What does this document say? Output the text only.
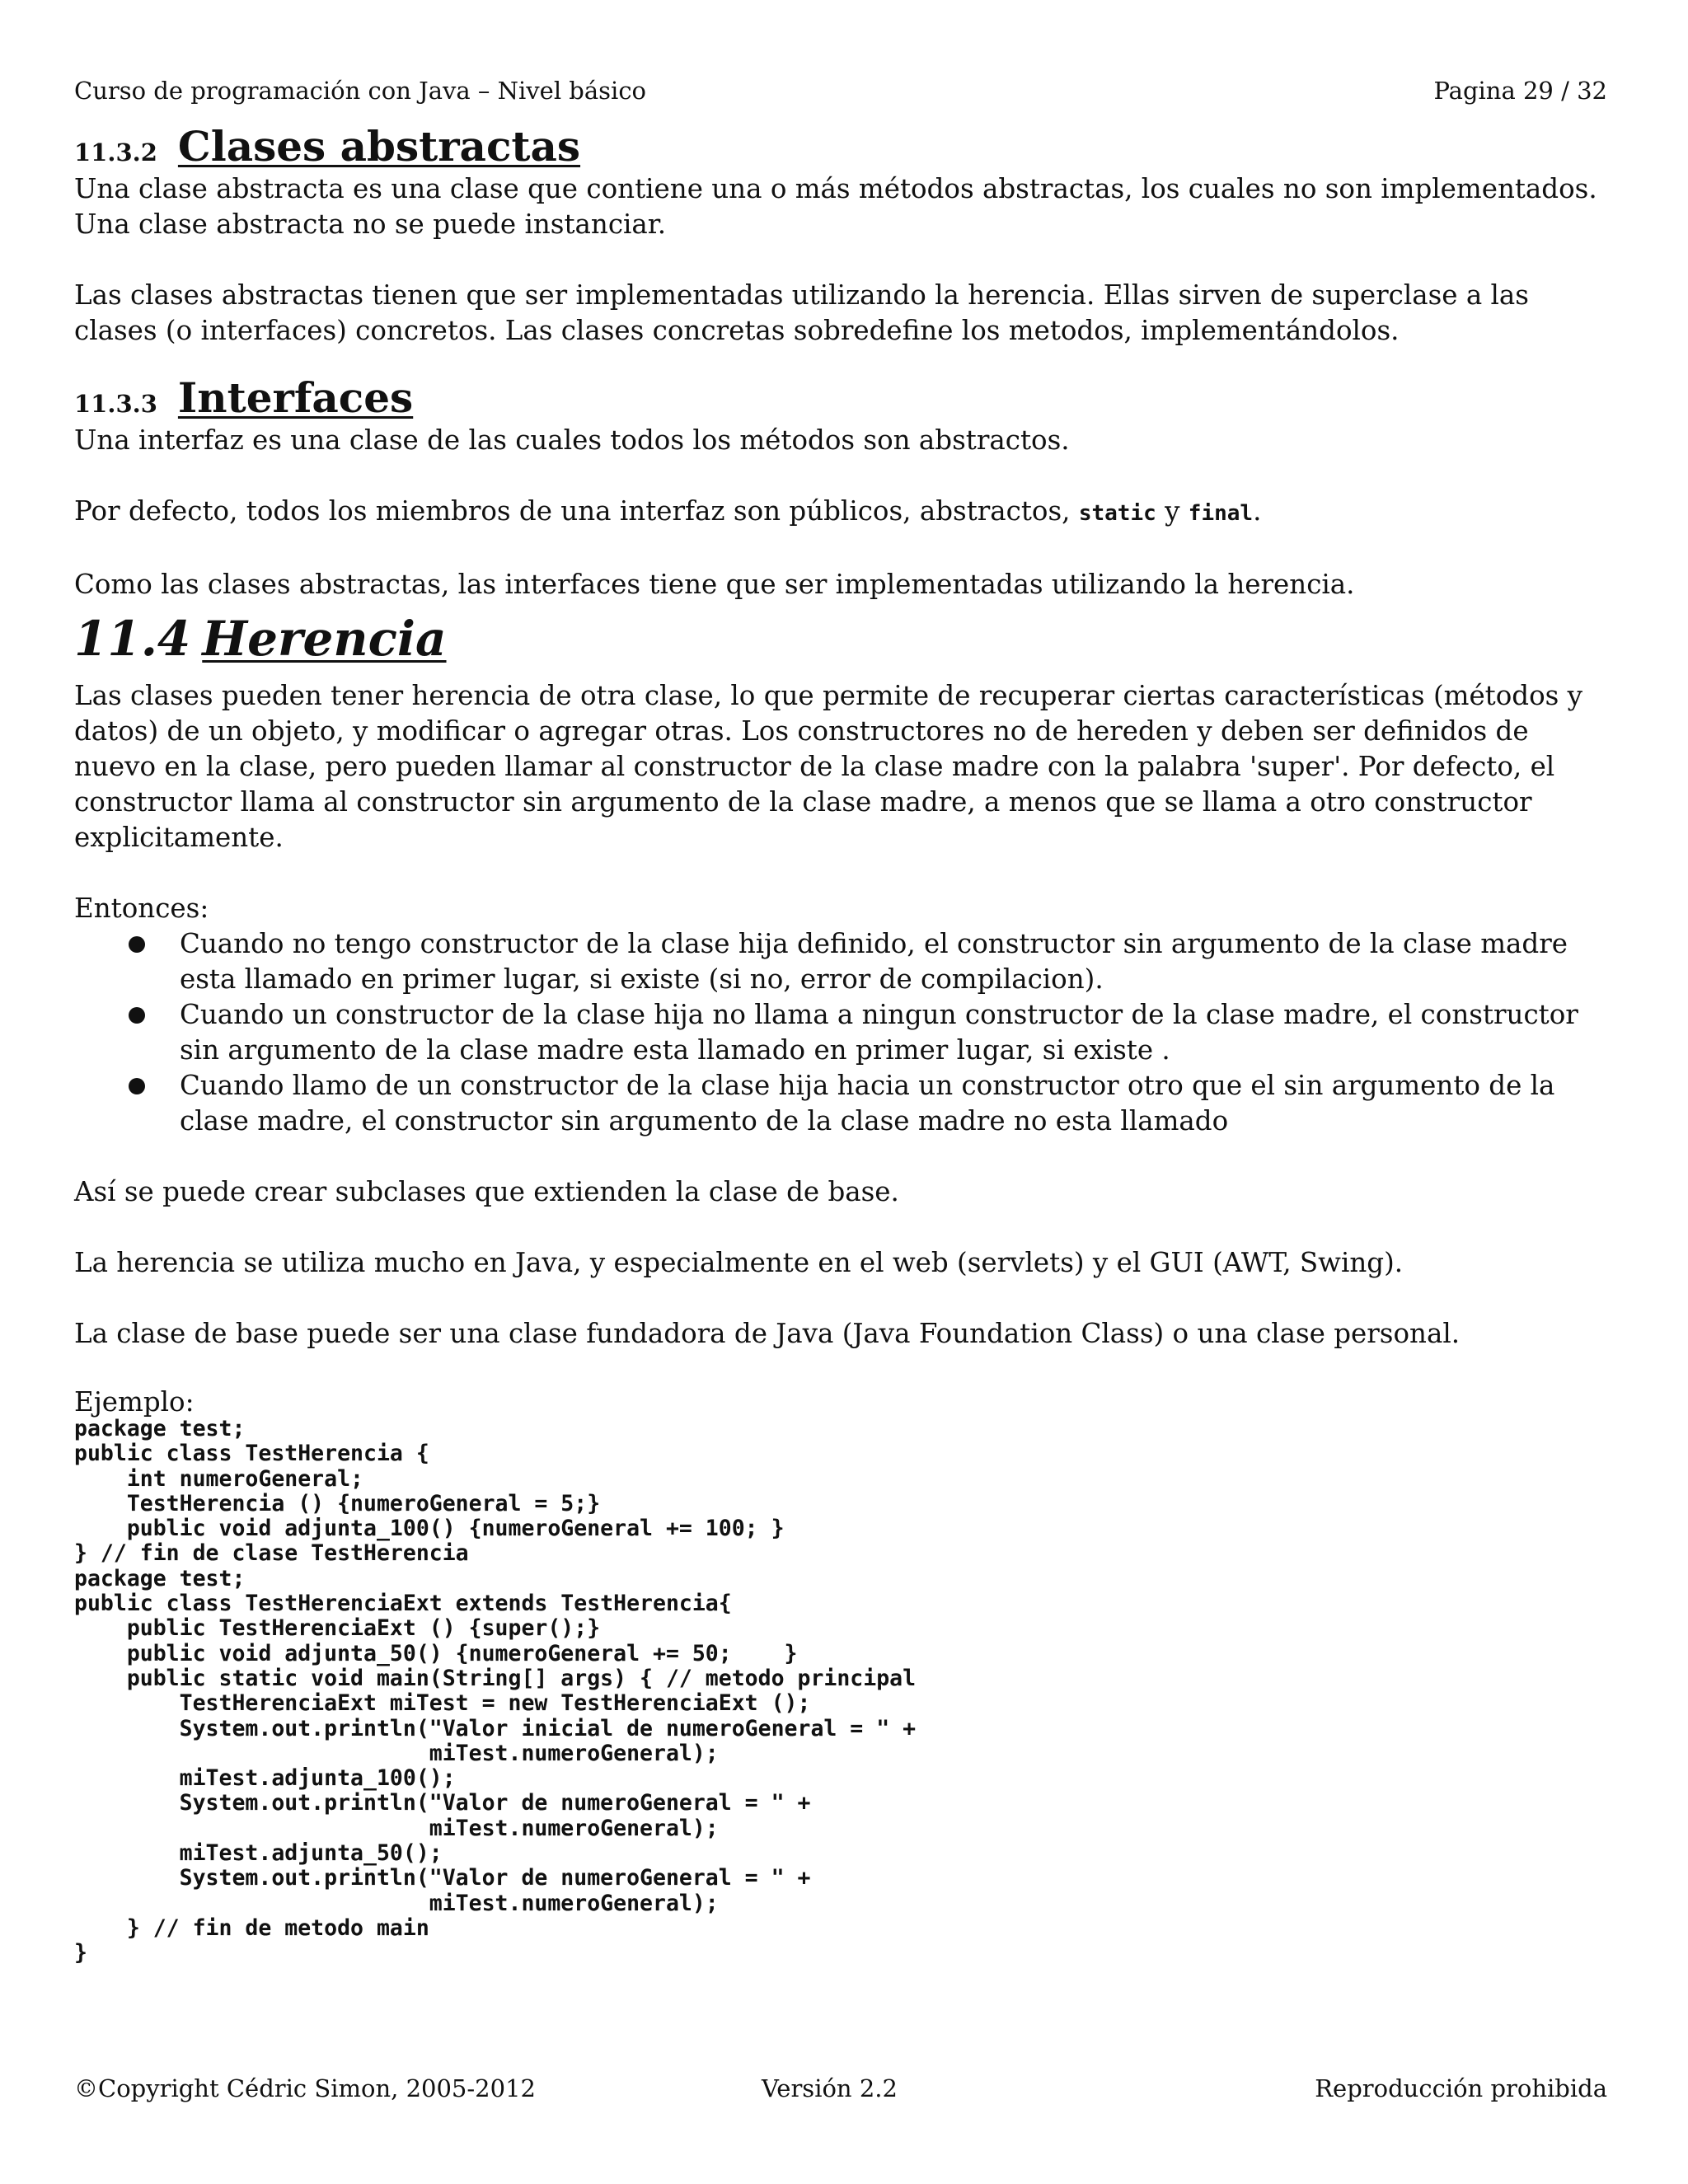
Curso de programación con Java – Nivel básico	Pagina 29 / 32
11.3.2 Clases abstractas

Una clase abstracta es una clase que contiene una o más métodos abstractas, los cuales no son implementados. Una clase abstracta no se puede instanciar.

Las clases abstractas tienen que ser implementadas utilizando la herencia. Ellas sirven de superclase a las clases (o interfaces) concretos. Las clases concretas sobredefine los metodos, implementándolos.

11.3.3 Interfaces

Una interfaz es una clase de las cuales todos los métodos son abstractos.

Por defecto, todos los miembros de una interfaz son públicos, abstractos, static y final.

Como las clases abstractas, las interfaces tiene que ser implementadas utilizando la herencia.

11.4 Herencia

Las clases pueden tener herencia de otra clase, lo que permite de recuperar ciertas características (métodos y datos) de un objeto, y modificar o agregar otras. Los constructores no de hereden y deben ser definidos de nuevo en la clase, pero pueden llamar al constructor de la clase madre con la palabra 'super'. Por defecto, el constructor llama al constructor sin argumento de la clase madre, a menos que se llama a otro constructor explicitamente.

Entonces:

Cuando no tengo constructor de la clase hija definido, el constructor sin argumento de la clase madre esta llamado en primer lugar, si existe (si no, error de compilacion).
Cuando un constructor de la clase hija no llama a ningun constructor de la clase madre, el constructor sin argumento de la clase madre esta llamado en primer lugar, si existe .
Cuando llamo de un constructor de la clase hija hacia un constructor otro que el sin argumento de la clase madre, el constructor sin argumento de la clase madre no esta llamado

Así se puede crear subclases que extienden la clase de base.

La herencia se utiliza mucho en Java, y especialmente en el web (servlets) y el GUI (AWT, Swing).

La clase de base puede ser una clase fundadora de Java (Java Foundation Class) o una clase personal.

Ejemplo:

package test;
public class TestHerencia {
int numeroGeneral;
TestHerencia () {numeroGeneral = 5;}
public void adjunta_100() {numeroGeneral += 100; }
} // fin de clase TestHerencia
package test;
public class TestHerenciaExt extends TestHerencia{
public TestHerenciaExt () {super();}
public void adjunta_50() {numeroGeneral += 50;    }
public static void main(String[] args) { // metodo principal
TestHerenciaExt miTest = new TestHerenciaExt ();
System.out.println("Valor inicial de numeroGeneral = " +
miTest.numeroGeneral);
miTest.adjunta_100();
System.out.println("Valor de numeroGeneral = " +
miTest.numeroGeneral);
miTest.adjunta_50();
System.out.println("Valor de numeroGeneral = " +
miTest.numeroGeneral);
} // fin de metodo main
}
©Copyright Cédric Simon, 2005-2012	Versión 2.2	Reproducción prohibida
